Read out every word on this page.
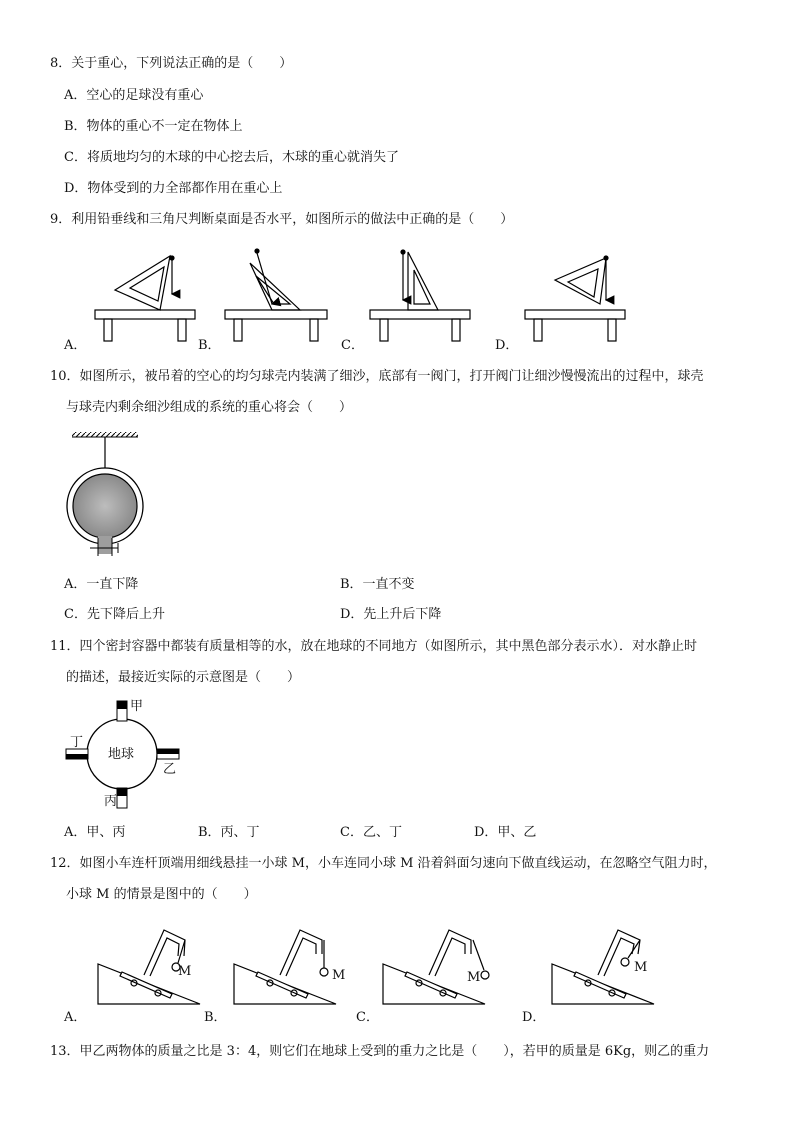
8．关于重心，下列说法正确的是（　　）
A．空心的足球没有重心
B．物体的重心不一定在物体上
C．将质地均匀的木球的中心挖去后，木球的重心就消失了
D．物体受到的力全部都作用在重心上
9．利用铅垂线和三角尺判断桌面是否水平，如图所示的做法中正确的是（　　）
A．	B．	C．	D．
10．如图所示，被吊着的空心的均匀球壳内装满了细沙，底部有一阀门，打开阀门让细沙慢慢流出的过程中，球壳
与球壳内剩余细沙组成的系统的重心将会（　　）
A．一直下降	B．一直不变
C．先下降后上升	D．先上升后下降
11．四个密封容器中都装有质量相等的水，放在地球的不同地方（如图所示，其中黑色部分表示水）．对水静止时
的描述，最接近实际的示意图是（　　）
地球
甲
乙
丙
丁
A．甲、丙	B．丙、丁	C．乙、丁	D．甲、乙
12．如图小车连杆顶端用细线悬挂一小球 M，小车连同小球 M 沿着斜面匀速向下做直线运动，在忽略空气阻力时，
小球 M 的情景是图中的（　　）
M	M	M
M
A．	B．	C．	D．
13．甲乙两物体的质量之比是 3：4，则它们在地球上受到的重力之比是（　　），若甲的质量是 6Kg，则乙的重力
